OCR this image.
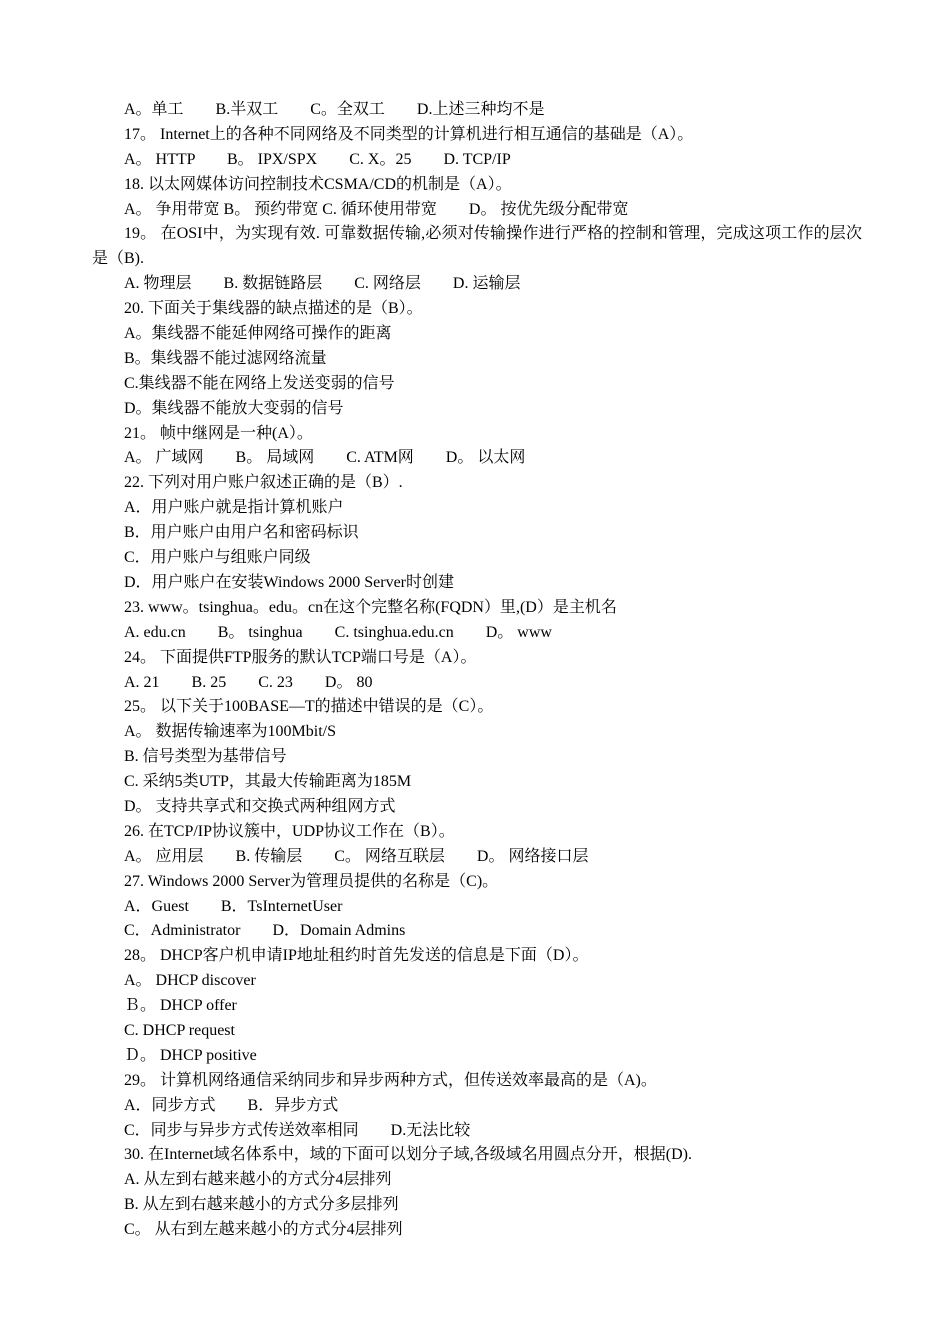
A。单工　　B.半双工　　C。全双工　　D.上述三种均不是
17。 Internet上的各种不同网络及不同类型的计算机进行相互通信的基础是（A）。
A。 HTTP　　B。 IPX/SPX　　C. X。25　　D. TCP/IP
18. 以太网媒体访问控制技术CSMA/CD的机制是（A）。
A。 争用带宽 B。 预约带宽 C. 循环使用带宽　　D。 按优先级分配带宽
19。 在OSI中，为实现有效. 可靠数据传输,必须对传输操作进行严格的控制和管理，完成这项工作的层次是（B).
A. 物理层　　B. 数据链路层　　C. 网络层　　D. 运输层
20. 下面关于集线器的缺点描述的是（B）。
A。集线器不能延伸网络可操作的距离
B。集线器不能过滤网络流量
C.集线器不能在网络上发送变弱的信号
D。集线器不能放大变弱的信号
21。 帧中继网是一种(A）。
A。 广域网　　B。 局域网　　C. ATM网　　D。 以太网
22. 下列对用户账户叙述正确的是（B）.
A．用户账户就是指计算机账户
B．用户账户由用户名和密码标识
C．用户账户与组账户同级
D．用户账户在安装Windows 2000 Server时创建
23. www。tsinghua。edu。cn在这个完整名称(FQDN）里,(D）是主机名
A. edu.cn　　B。 tsinghua　　C. tsinghua.edu.cn　　D。 www
24。 下面提供FTP服务的默认TCP端口号是（A）。
A. 21　　B. 25　　C. 23　　D。 80
25。 以下关于100BASE—T的描述中错误的是（C）。
A。 数据传输速率为100Mbit/S
B. 信号类型为基带信号
C. 采纳5类UTP，其最大传输距离为185M
D。 支持共享式和交换式两种组网方式
26. 在TCP/IP协议簇中，UDP协议工作在（B）。
A。 应用层　　B. 传输层　　C。 网络互联层　　D。 网络接口层
27. Windows 2000 Server为管理员提供的名称是（C)。
A．Guest　　B．TsInternetUser
C．Administrator　　D．Domain Admins
28。 DHCP客户机申请IP地址租约时首先发送的信息是下面（D）。
A。 DHCP discover
Ｂ。 DHCP offer
C. DHCP request
Ｄ。 DHCP positive
29。 计算机网络通信采纳同步和异步两种方式，但传送效率最高的是（A)。
A．同步方式　　B．异步方式
C．同步与异步方式传送效率相同　　D.无法比较
30. 在Internet域名体系中，域的下面可以划分子域,各级域名用圆点分开，根据(D).
A. 从左到右越来越小的方式分4层排列
B. 从左到右越来越小的方式分多层排列
C。 从右到左越来越小的方式分4层排列
